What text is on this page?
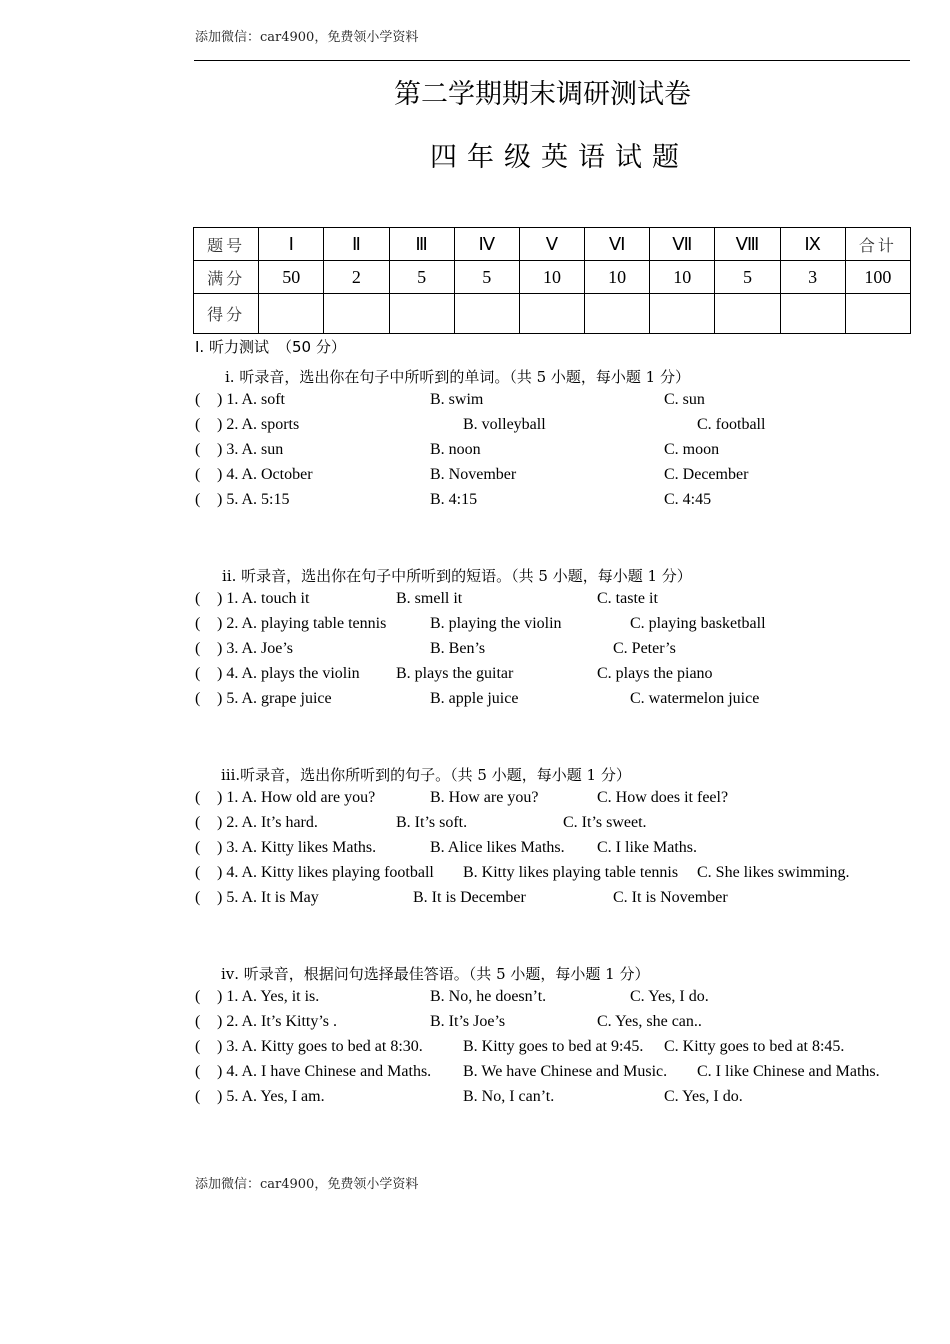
添加微信：car4900，免费领小学资料
第二学期期末调研测试卷
四年级英语试题
题号	Ⅰ	Ⅱ	Ⅲ	Ⅳ	Ⅴ	Ⅵ	Ⅶ	Ⅷ	Ⅸ	合计
满分	50	2	5	5	10	10	10	5	3	100
得分										
I. 听力测试 （50 分）
ⅰ. 听录音，选出你在句子中所听到的单词。（共 5 小题，每小题 1 分）
( ) 1. A. soft	B. swim	C. sun
( ) 2. A. sports	B. volleyball	C. football
( ) 3. A. sun	B. noon	C. moon
( ) 4. A. October	B. November	C. December
( ) 5. A. 5:15	B. 4:15	C. 4:45
ⅱ. 听录音，选出你在句子中所听到的短语。（共 5 小题，每小题 1 分）
( ) 1. A. touch it	B. smell it	C. taste it
( ) 2. A. playing table tennis	B. playing the violin	C. playing basketball
( ) 3. A. Joe’s	B. Ben’s	C. Peter’s
( ) 4. A. plays the violin B. plays the guitar	C. plays the piano
( ) 5. A. grape juice	B. apple juice	C. watermelon juice
ⅲ.听录音，选出你所听到的句子。（共 5 小题，每小题 1 分）
( ) 1. A. How old are you?	B. How are you?	C. How does it feel?
( ) 2. A. It’s hard.	B. It’s soft.	C. It’s sweet.
( ) 3. A. Kitty likes Maths.	B. Alice likes Maths. C. I like Maths.
( ) 4. A. Kitty likes playing football B. Kitty likes playing table tennis C. She likes swimming.
( ) 5. A. It is May	B. It is December	C. It is November
ⅳ. 听录音，根据问句选择最佳答语。（共 5 小题，每小题 1 分）
( ) 1. A. Yes, it is.	B. No, he doesn’t.	C. Yes, I do.
( ) 2. A. It’s Kitty’s .	B. It’s Joe’s	C. Yes, she can..
( ) 3. A. Kitty goes to bed at 8:30.	B. Kitty goes to bed at 9:45. C. Kitty goes to bed at 8:45.
( ) 4. A. I have Chinese and Maths. B. We have Chinese and Music. C. I like Chinese and Maths.
( ) 5. A. Yes, I am.	B. No, I can’t.	C. Yes, I do.
添加微信：car4900，免费领小学资料
